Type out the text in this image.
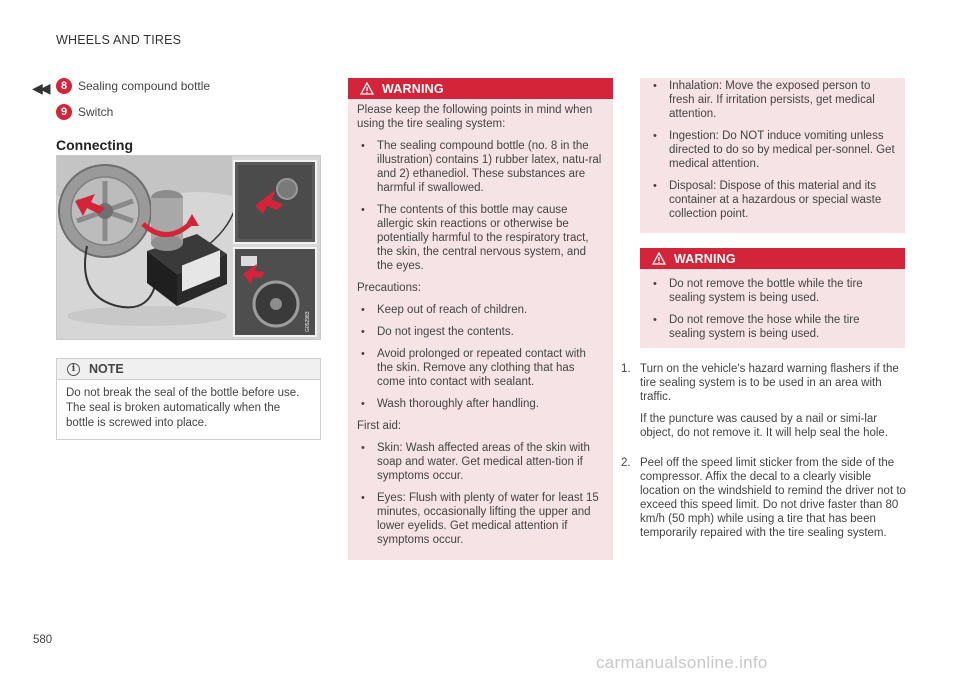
WHEELS AND TIRES
◀◀	8 Sealing compound bottle
9 Switch
Connecting
G052983
i	NOTE
Do not break the seal of the bottle before use. The seal is broken automatically when the bottle is screwed into place.
WARNING

Please keep the following points in mind when using the tire sealing system:

•	The sealing compound bottle (no. 8 in the illustration) contains 1) rubber latex, natu-ral and 2) ethanediol. These substances are harmful if swallowed.
•	The contents of this bottle may cause allergic skin reactions or otherwise be potentially harmful to the respiratory tract, the skin, the central nervous system, and the eyes.

Precautions:

•	Keep out of reach of children.
•	Do not ingest the contents.
•	Avoid prolonged or repeated contact with the skin. Remove any clothing that has come into contact with sealant.
•	Wash thoroughly after handling.

First aid:

•	Skin: Wash affected areas of the skin with soap and water. Get medical atten-tion if symptoms occur.
•	Eyes: Flush with plenty of water for least 15 minutes, occasionally lifting the upper and lower eyelids. Get medical attention if symptoms occur.
•	Inhalation: Move the exposed person to fresh air. If irritation persists, get medical attention.
•	Ingestion: Do NOT induce vomiting unless directed to do so by medical per-sonnel. Get medical attention.
•	Disposal: Dispose of this material and its container at a hazardous or special waste collection point.
WARNING
•	Do not remove the bottle while the tire sealing system is being used.
•	Do not remove the hose while the tire sealing system is being used.
1. Turn on the vehicle's hazard warning flashers if the tire sealing system is to be used in an area with traffic.

If the puncture was caused by a nail or simi-lar object, do not remove it. It will help seal the hole.

2. Peel off the speed limit sticker from the side of the compressor. Affix the decal to a clearly visible location on the windshield to remind the driver not to exceed this speed limit. Do not drive faster than 80 km/h (50 mph) while using a tire that has been temporarily repaired with the tire sealing system.

580
carmanualsonline.info
